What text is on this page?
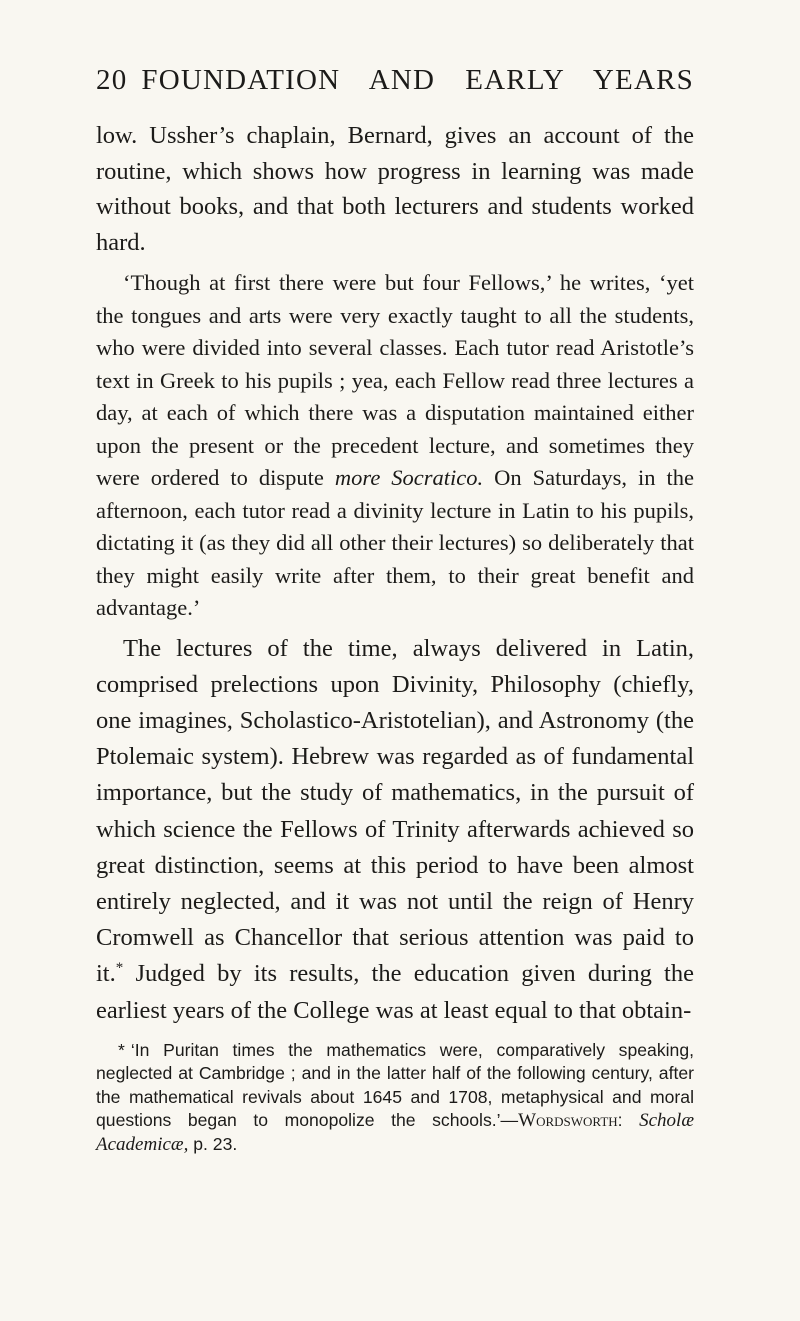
20 FOUNDATION AND EARLY YEARS

low. Ussher’s chaplain, Bernard, gives an account of the routine, which shows how progress in learning was made without books, and that both lecturers and students worked hard.

‘Though at first there were but four Fellows,’ he writes, ‘yet the tongues and arts were very exactly taught to all the students, who were divided into several classes. Each tutor read Aristotle’s text in Greek to his pupils ; yea, each Fellow read three lectures a day, at each of which there was a disputation maintained either upon the present or the precedent lecture, and sometimes they were ordered to dispute more Socratico. On Saturdays, in the afternoon, each tutor read a divinity lecture in Latin to his pupils, dictating it (as they did all other their lectures) so deliberately that they might easily write after them, to their great benefit and advantage.’

The lectures of the time, always delivered in Latin, comprised prelections upon Divinity, Philosophy (chiefly, one imagines, Scholastico-Aristotelian), and Astronomy (the Ptolemaic system). Hebrew was regarded as of fundamental importance, but the study of mathematics, in the pursuit of which science the Fellows of Trinity afterwards achieved so great distinction, seems at this period to have been almost entirely neglected, and it was not until the reign of Henry Cromwell as Chancellor that serious attention was paid to it.* Judged by its results, the education given during the earliest years of the College was at least equal to that obtain-

* ‘In Puritan times the mathematics were, comparatively speaking, neglected at Cambridge ; and in the latter half of the following century, after the mathematical revivals about 1645 and 1708, metaphysical and moral questions began to monopolize the schools.’—Wordsworth: Scholæ Academicæ, p. 23.
